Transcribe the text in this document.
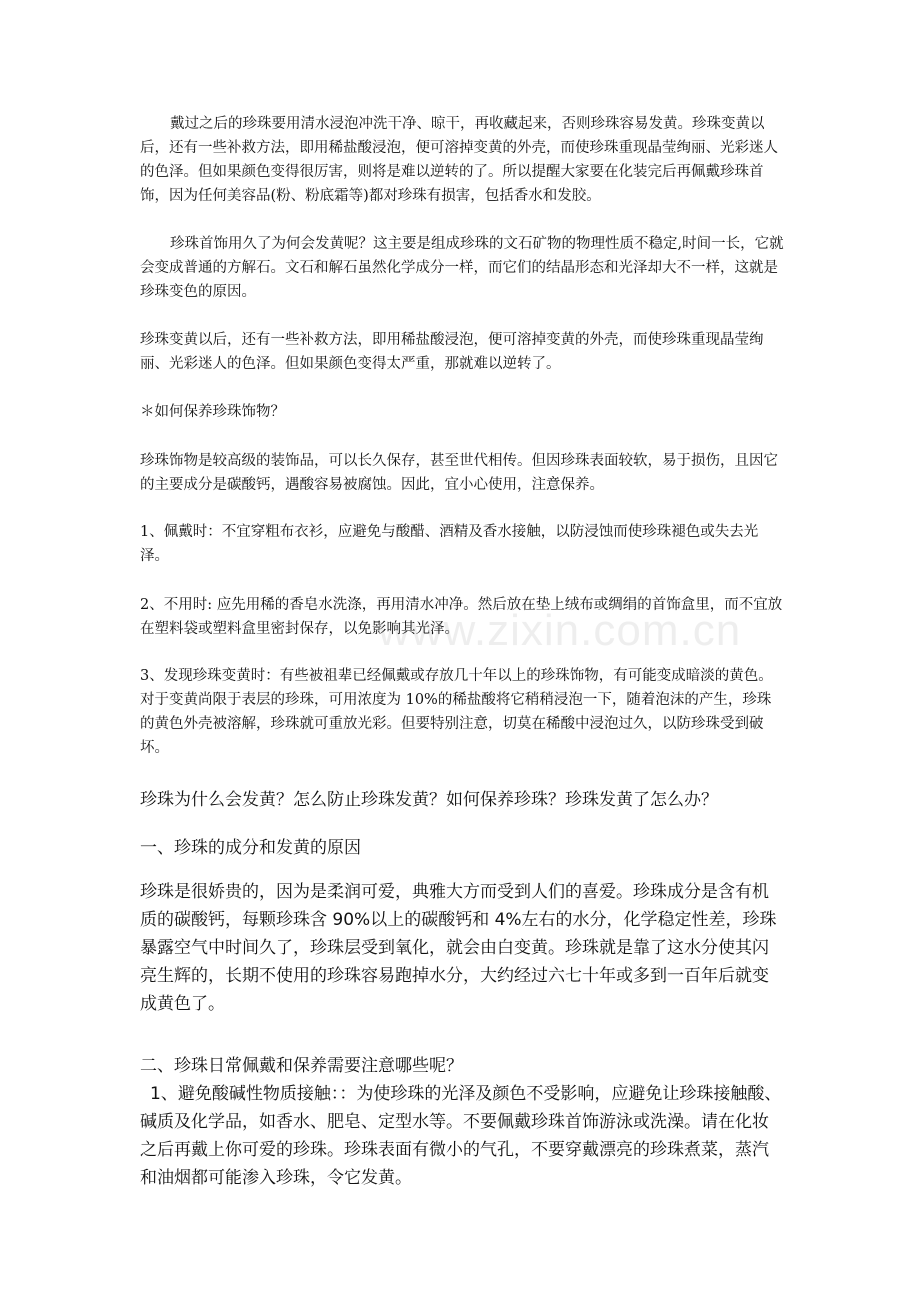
戴过之后的珍珠要用清水浸泡冲洗干净、晾干，再收藏起来，否则珍珠容易发黄。珍珠变黄以后，还有一些补救方法，即用稀盐酸浸泡，便可溶掉变黄的外壳，而使珍珠重现晶莹绚丽、光彩迷人的色泽。但如果颜色变得很厉害，则将是难以逆转的了。所以提醒大家要在化装完后再佩戴珍珠首饰，因为任何美容品(粉、粉底霜等)都对珍珠有损害，包括香水和发胶。

珍珠首饰用久了为何会发黄呢？这主要是组成珍珠的文石矿物的物理性质不稳定,时间一长，它就会变成普通的方解石。文石和解石虽然化学成分一样，而它们的结晶形态和光泽却大不一样，这就是珍珠变色的原因。

珍珠变黄以后，还有一些补救方法，即用稀盐酸浸泡，便可溶掉变黄的外壳，而使珍珠重现晶莹绚丽、光彩迷人的色泽。但如果颜色变得太严重，那就难以逆转了。

＊如何保养珍珠饰物？

珍珠饰物是较高级的装饰品，可以长久保存，甚至世代相传。但因珍珠表面较软，易于损伤，且因它的主要成分是碳酸钙，遇酸容易被腐蚀。因此，宜小心使用，注意保养。

1、佩戴时：不宜穿粗布衣衫，应避免与酸醋、酒精及香水接触，以防浸蚀而使珍珠褪色或失去光泽。

2、不用时: 应先用稀的香皂水洗涤，再用清水冲净。然后放在垫上绒布或绸绢的首饰盒里，而不宜放在塑料袋或塑料盒里密封保存，以免影响其光泽。

3、发现珍珠变黄时：有些被祖辈已经佩戴或存放几十年以上的珍珠饰物，有可能变成暗淡的黄色。对于变黄尚限于表层的珍珠，可用浓度为 10%的稀盐酸将它稍稍浸泡一下，随着泡沫的产生，珍珠的黄色外壳被溶解，珍珠就可重放光彩。但要特别注意，切莫在稀酸中浸泡过久，以防珍珠受到破坏。

珍珠为什么会发黄？怎么防止珍珠发黄？如何保养珍珠？珍珠发黄了怎么办？

一、珍珠的成分和发黄的原因

珍珠是很娇贵的，因为是柔润可爱，典雅大方而受到人们的喜爱。珍珠成分是含有机质的碳酸钙，每颗珍珠含 90%以上的碳酸钙和 4%左右的水分，化学稳定性差，珍珠暴露空气中时间久了，珍珠层受到氧化，就会由白变黄。珍珠就是靠了这水分使其闪亮生辉的，长期不使用的珍珠容易跑掉水分，大约经过六七十年或多到一百年后就变成黄色了。

二、珍珠日常佩戴和保养需要注意哪些呢？

1、避免酸碱性物质接触：：为使珍珠的光泽及颜色不受影响，应避免让珍珠接触酸、碱质及化学品，如香水、肥皂、定型水等。不要佩戴珍珠首饰游泳或洗澡。请在化妆之后再戴上你可爱的珍珠。珍珠表面有微小的气孔，不要穿戴漂亮的珍珠煮菜，蒸汽和油烟都可能渗入珍珠，令它发黄。

www.zixin.com.cn
